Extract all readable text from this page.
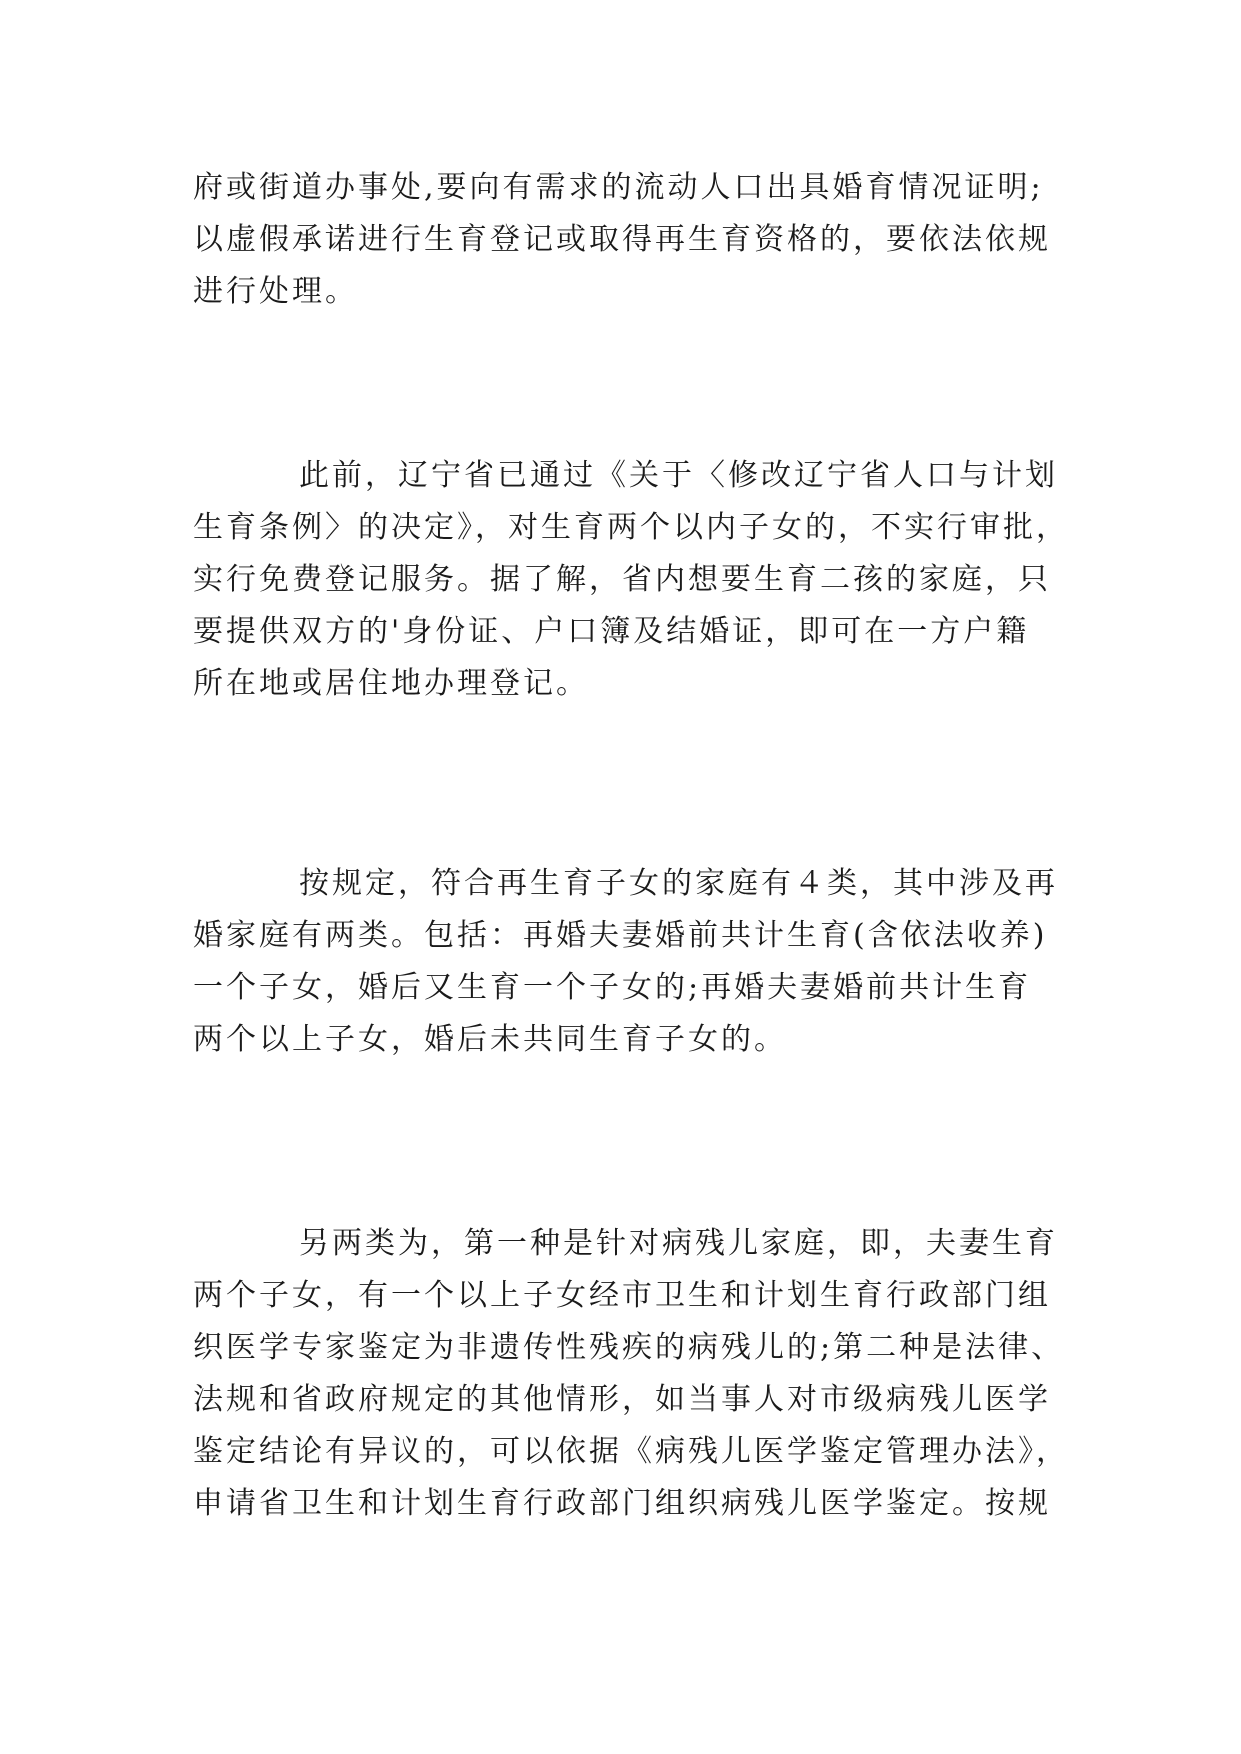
府或街道办事处,要向有需求的流动人口出具婚育情况证明;
以虚假承诺进行生育登记或取得再生育资格的，要依法依规
进行处理。
此前，辽宁省已通过《关于〈修改辽宁省人口与计划
生育条例〉的决定》，对生育两个以内子女的，不实行审批，
实行免费登记服务。据了解，省内想要生育二孩的家庭，只
要提供双方的'身份证、户口簿及结婚证，即可在一方户籍
所在地或居住地办理登记。
按规定，符合再生育子女的家庭有４类，其中涉及再
婚家庭有两类。包括：再婚夫妻婚前共计生育(含依法收养)
一个子女，婚后又生育一个子女的;再婚夫妻婚前共计生育
两个以上子女，婚后未共同生育子女的。
另两类为，第一种是针对病残儿家庭，即，夫妻生育
两个子女，有一个以上子女经市卫生和计划生育行政部门组
织医学专家鉴定为非遗传性残疾的病残儿的;第二种是法律、
法规和省政府规定的其他情形，如当事人对市级病残儿医学
鉴定结论有异议的，可以依据《病残儿医学鉴定管理办法》，
申请省卫生和计划生育行政部门组织病残儿医学鉴定。按规
